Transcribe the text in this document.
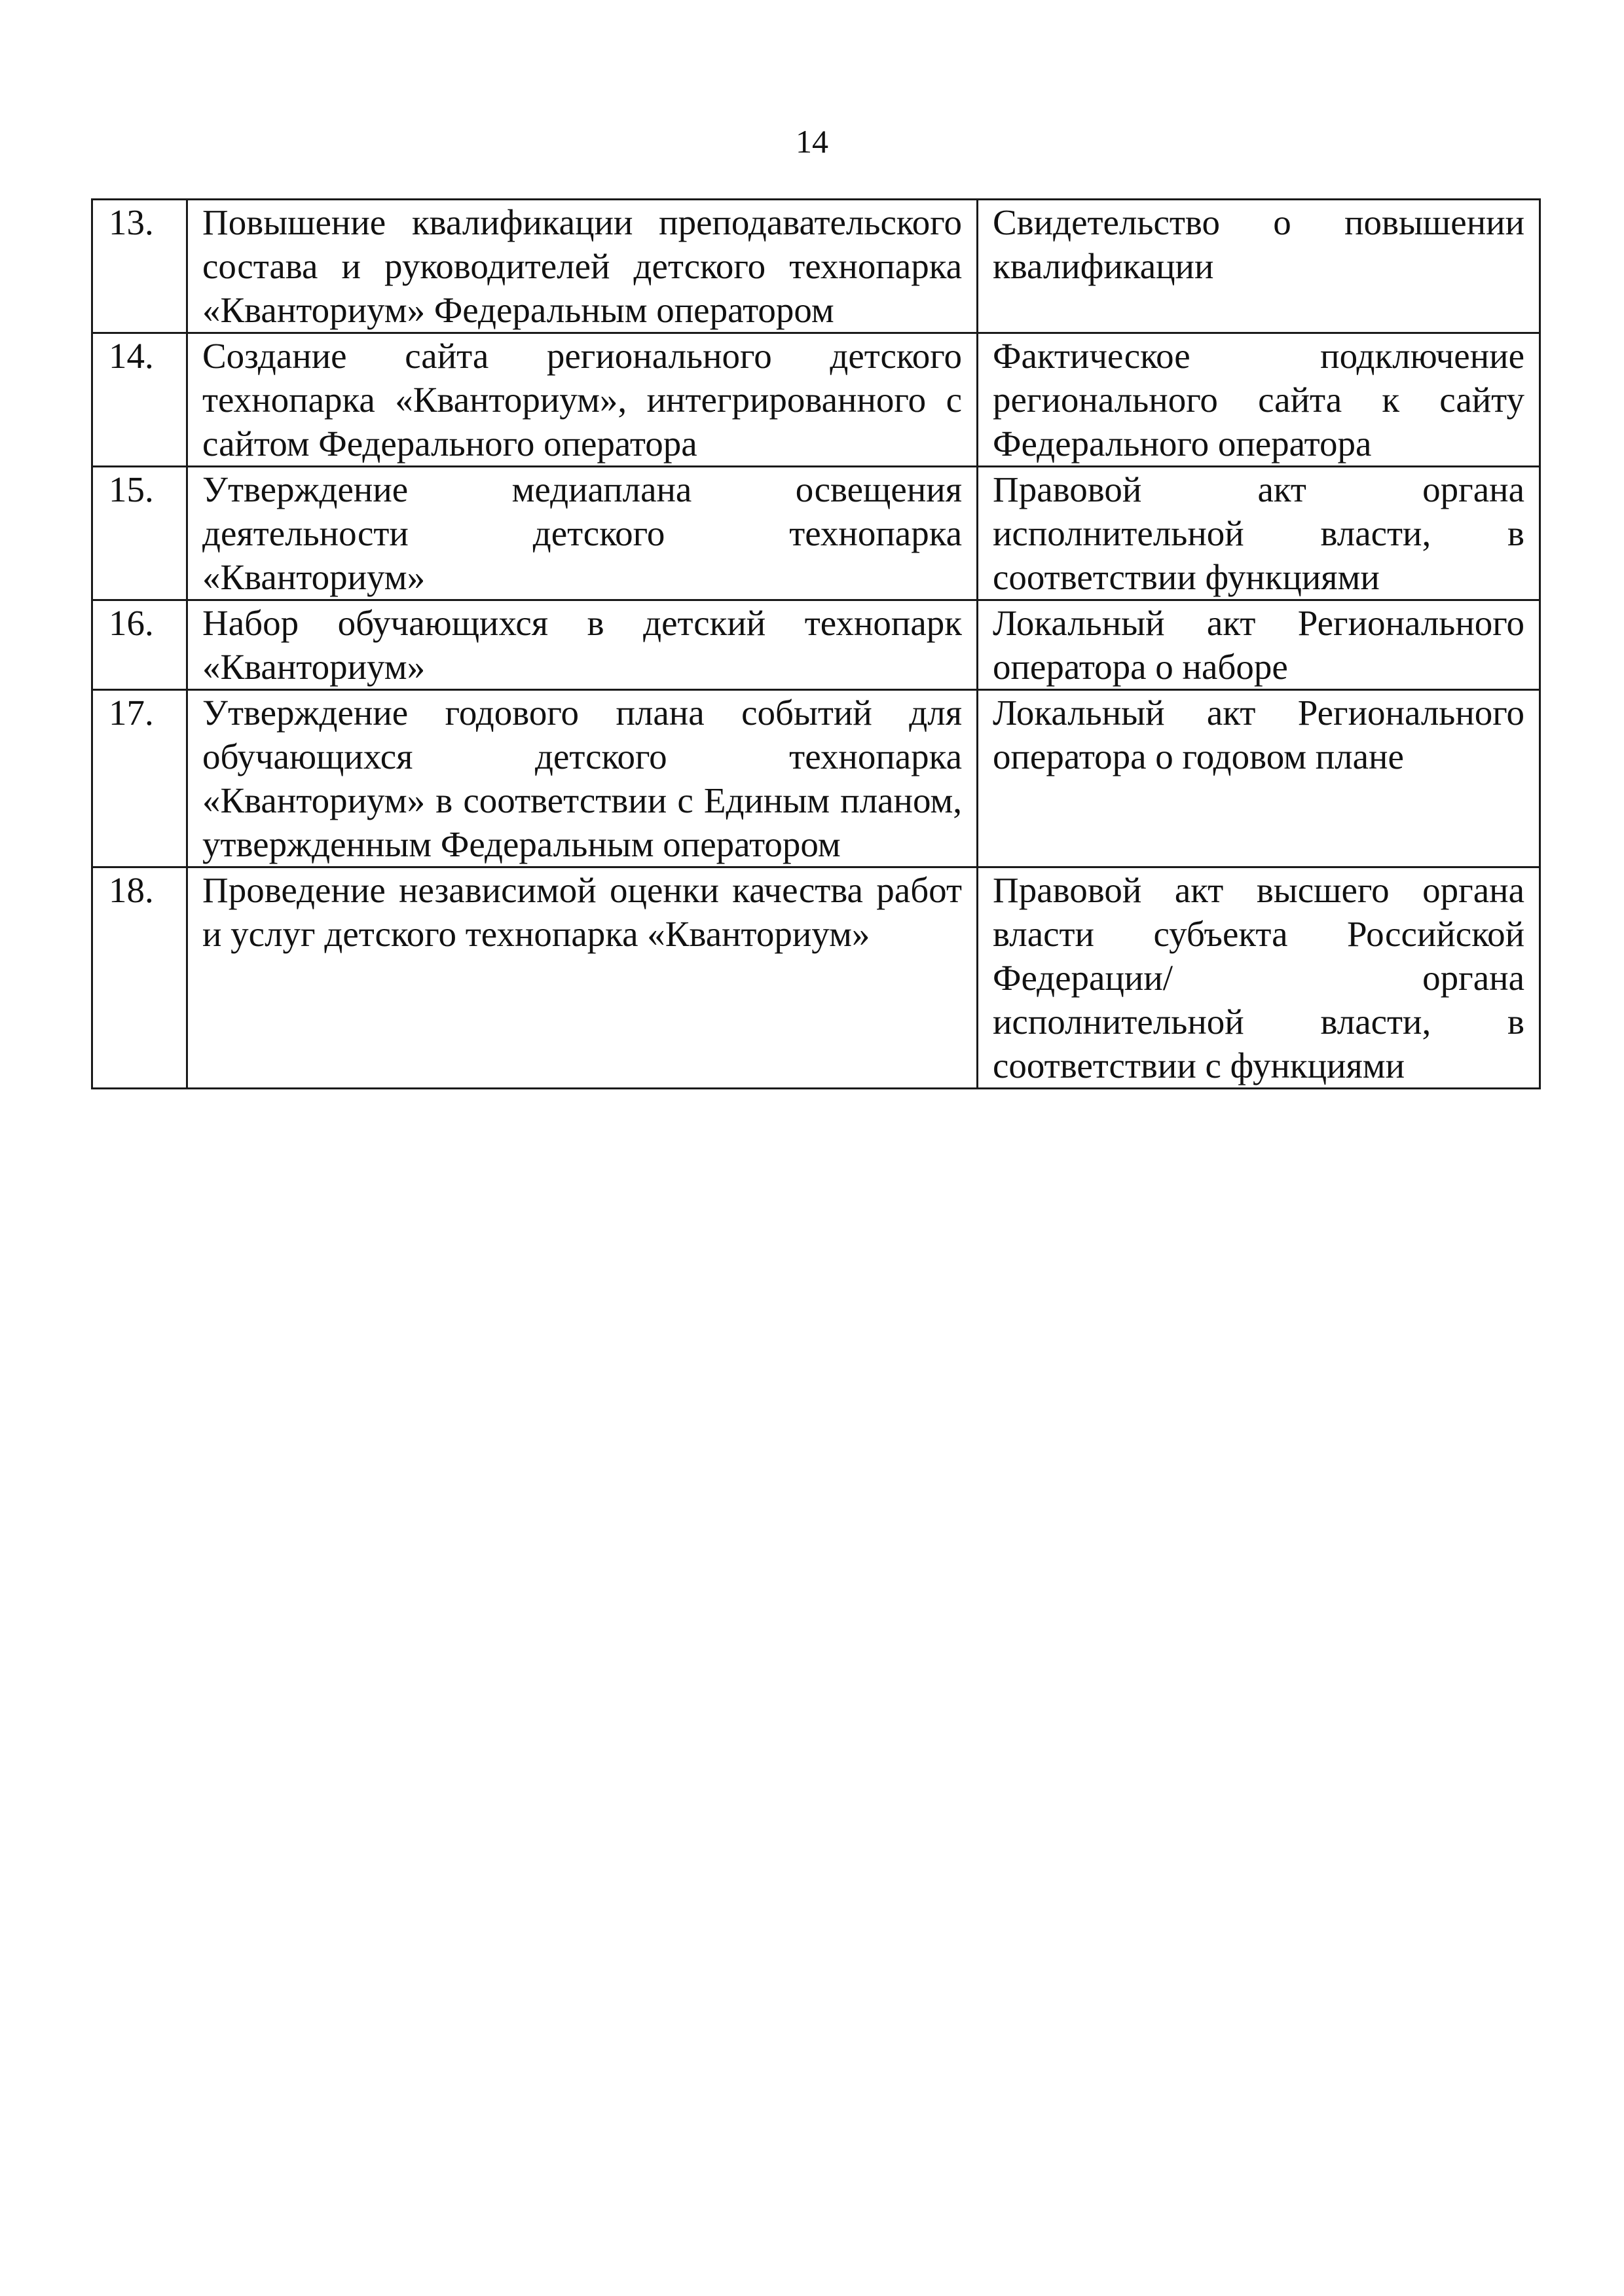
14
13.	Повышение квалификации преподавательского состава и руководителей детского технопарка «Кванториум» Федеральным оператором	Свидетельство о повышении квалификации
14.	Создание сайта регионального детского технопарка «Кванториум», интегрированного с сайтом Федерального оператора	Фактическое подключение регионального сайта к сайту Федерального оператора
15.	Утверждение медиаплана освещения деятельности детского технопарка «Кванториум»	Правовой акт органа исполнительной власти, в соответствии функциями
16.	Набор обучающихся в детский технопарк «Кванториум»	Локальный акт Регионального оператора о наборе
17.	Утверждение годового плана событий для обучающихся детского технопарка «Кванториум» в соответствии с Единым планом, утвержденным Федеральным оператором	Локальный акт Регионального оператора о годовом плане
18.	Проведение независимой оценки качества работ и услуг детского технопарка «Кванториум»	Правовой акт высшего органа власти субъекта Российской Федерации/ органа исполнительной власти, в соответствии с функциями
